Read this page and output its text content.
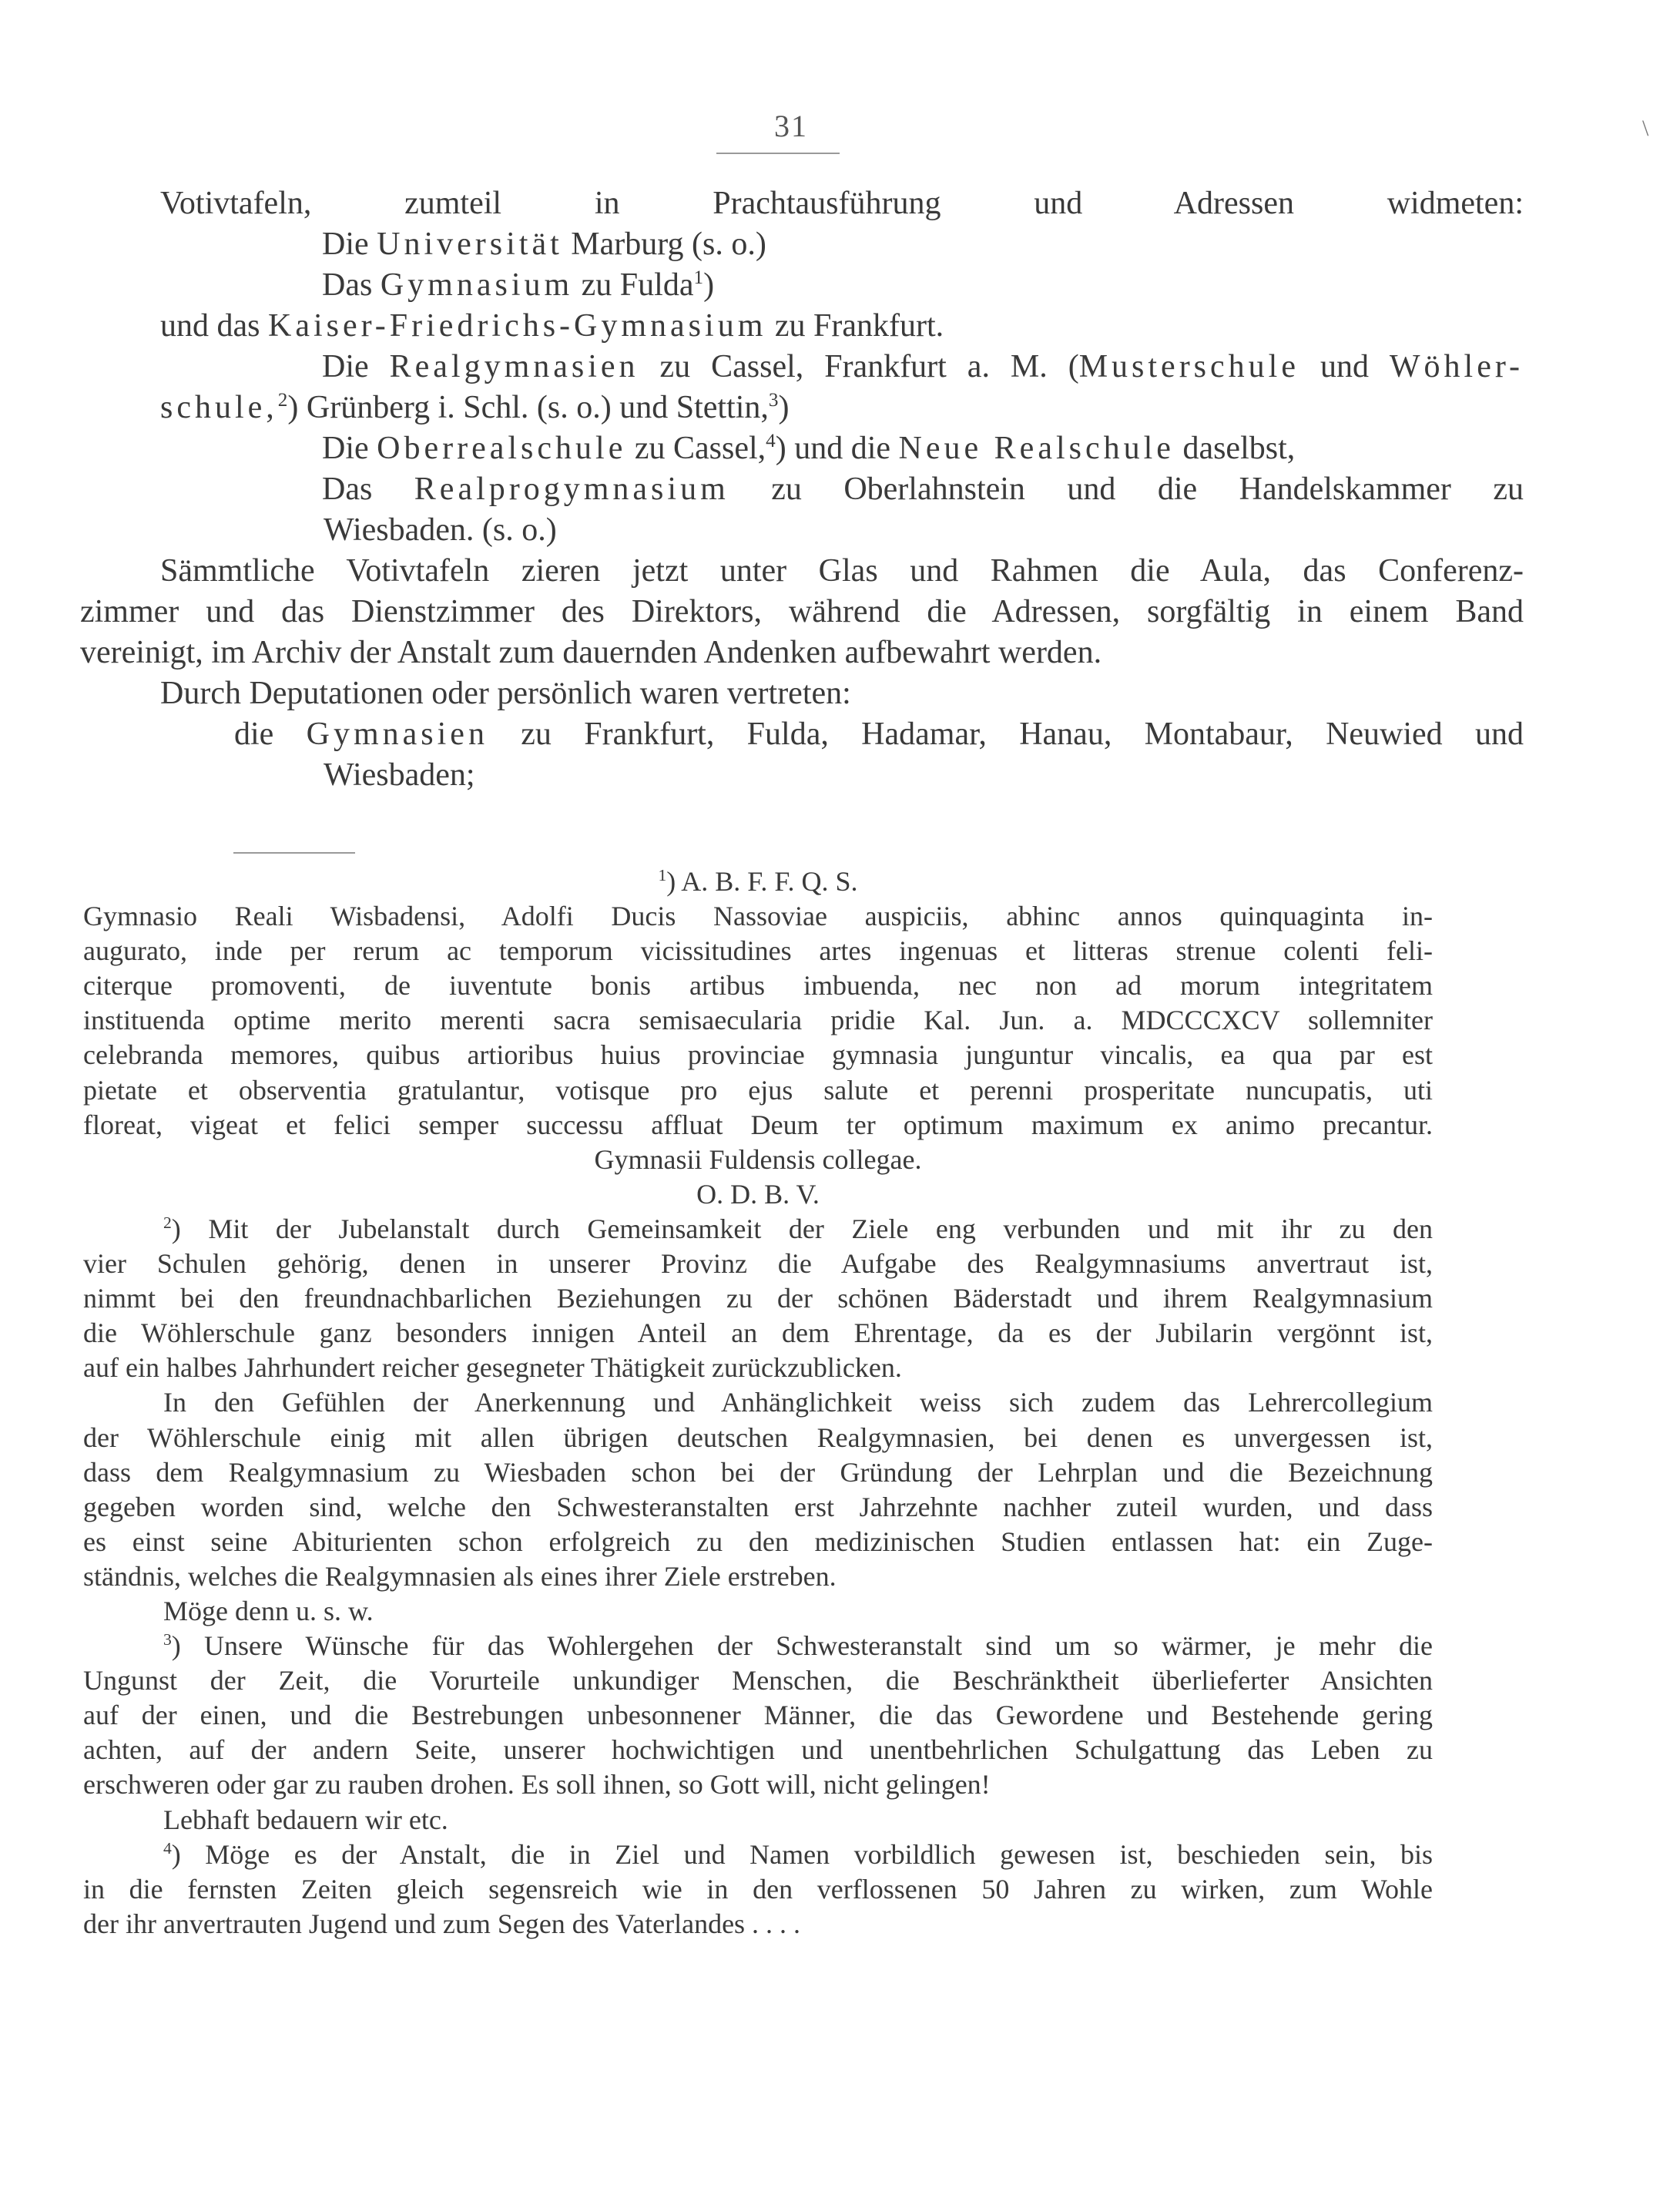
31	\
Votivtafeln, zumteil in Prachtausführung und Adressen widmeten:
Die Universität Marburg (s. o.)
Das Gymnasium zu Fulda$^1$)
und das Kaiser-Friedrichs-Gymnasium zu Frankfurt.
Die Realgymnasien zu Cassel, Frankfurt a. M. (Musterschule und Wöhler-
schule,$^2$) Grünberg i. Schl. (s. o.) und Stettin,$^3$)
Die Oberrealschule zu Cassel,$^4$) und die Neue Realschule daselbst,
Das Realprogymnasium zu Oberlahnstein und die Handelskammer zu
Wiesbaden. (s. o.)
Sämmtliche Votivtafeln zieren jetzt unter Glas und Rahmen die Aula, das Conferenz-
zimmer und das Dienstzimmer des Direktors, während die Adressen, sorgfältig in einem Band
vereinigt, im Archiv der Anstalt zum dauernden Andenken aufbewahrt werden.
Durch Deputationen oder persönlich waren vertreten:
die Gymnasien zu Frankfurt, Fulda, Hadamar, Hanau, Montabaur, Neuwied und
Wiesbaden;
$^1$) A. B. F. F. Q. S.
Gymnasio Reali Wisbadensi, Adolfi Ducis Nassoviae auspiciis, abhinc annos quinquaginta in-
augurato, inde per rerum ac temporum vicissitudines artes ingenuas et litteras strenue colenti feli-
citerque promoventi, de iuventute bonis artibus imbuenda, nec non ad morum integritatem
instituenda optime merito merenti sacra semisaecularia pridie Kal. Jun. a. MDCCCXCV sollemniter
celebranda memores, quibus artioribus huius provinciae gymnasia junguntur vincalis, ea qua par est
pietate et observentia gratulantur, votisque pro ejus salute et perenni prosperitate nuncupatis, uti
floreat, vigeat et felici semper successu affluat Deum ter optimum maximum ex animo precantur.
Gymnasii Fuldensis collegae.
O. D. B. V.
$^2$) Mit der Jubelanstalt durch Gemeinsamkeit der Ziele eng verbunden und mit ihr zu den
vier Schulen gehörig, denen in unserer Provinz die Aufgabe des Realgymnasiums anvertraut ist,
nimmt bei den freundnachbarlichen Beziehungen zu der schönen Bäderstadt und ihrem Realgymnasium
die Wöhlerschule ganz besonders innigen Anteil an dem Ehrentage, da es der Jubilarin vergönnt ist,
auf ein halbes Jahrhundert reicher gesegneter Thätigkeit zurückzublicken.
In den Gefühlen der Anerkennung und Anhänglichkeit weiss sich zudem das Lehrercollegium
der Wöhlerschule einig mit allen übrigen deutschen Realgymnasien, bei denen es unvergessen ist,
dass dem Realgymnasium zu Wiesbaden schon bei der Gründung der Lehrplan und die Bezeichnung
gegeben worden sind, welche den Schwesteranstalten erst Jahrzehnte nachher zuteil wurden, und dass
es einst seine Abiturienten schon erfolgreich zu den medizinischen Studien entlassen hat: ein Zuge-
ständnis, welches die Realgymnasien als eines ihrer Ziele erstreben.
Möge denn u. s. w.
$^3$) Unsere Wünsche für das Wohlergehen der Schwesteranstalt sind um so wärmer, je mehr die
Ungunst der Zeit, die Vorurteile unkundiger Menschen, die Beschränktheit überlieferter Ansichten
auf der einen, und die Bestrebungen unbesonnener Männer, die das Gewordene und Bestehende gering
achten, auf der andern Seite, unserer hochwichtigen und unentbehrlichen Schulgattung das Leben zu
erschweren oder gar zu rauben drohen. Es soll ihnen, so Gott will, nicht gelingen!
Lebhaft bedauern wir etc.
$^4$) Möge es der Anstalt, die in Ziel und Namen vorbildlich gewesen ist, beschieden sein, bis
in die fernsten Zeiten gleich segensreich wie in den verflossenen 50 Jahren zu wirken, zum Wohle
der ihr anvertrauten Jugend und zum Segen des Vaterlandes . . . .
